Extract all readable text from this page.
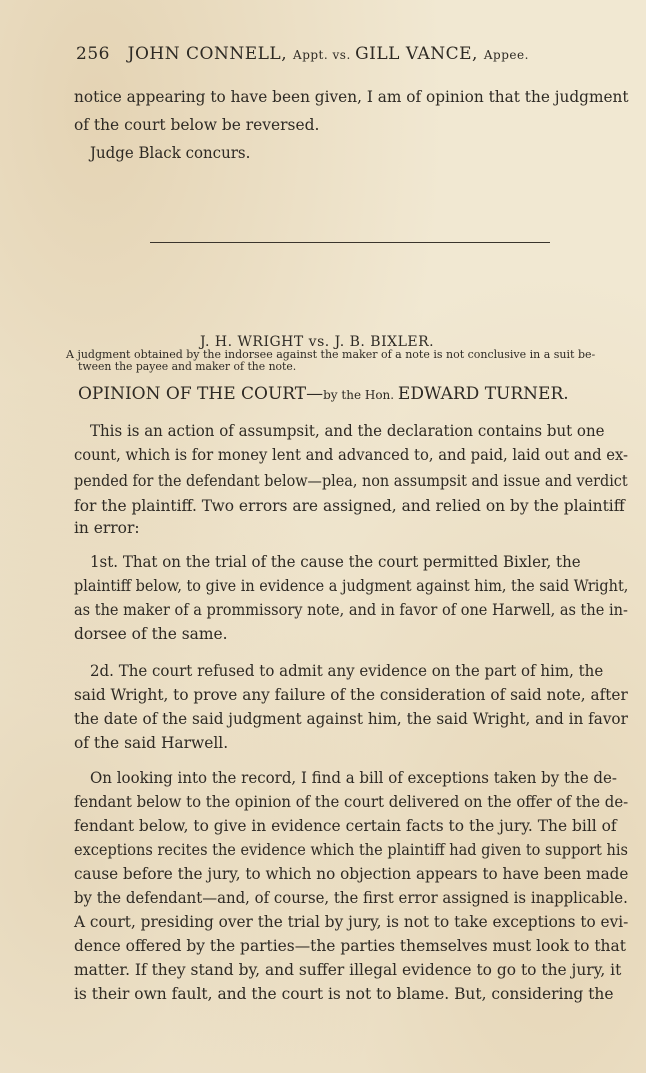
256 JOHN CONNELL, Appt. vs. GILL VANCE, Appee.
notice appearing to have been given, I am of opinion that the judgment
of the court below be reversed.
Judge Black concurs.
J. H. WRIGHT vs. J. B. BIXLER.
A judgment obtained by the indorsee against the maker of a note is not conclusive in a suit be-
tween the payee and maker of the note.
OPINION OF THE COURT—by the Hon. EDWARD TURNER.
This is an action of assumpsit, and the declaration contains but one
count, which is for money lent and advanced to, and paid, laid out and ex-
pended for the defendant below—plea, non assumpsit and issue and verdict
for the plaintiff. Two errors are assigned, and relied on by the plaintiff
in error:
1st. That on the trial of the cause the court permitted Bixler, the
plaintiff below, to give in evidence a judgment against him, the said Wright,
as the maker of a prommissory note, and in favor of one Harwell, as the in-
dorsee of the same.
2d. The court refused to admit any evidence on the part of him, the
said Wright, to prove any failure of the consideration of said note, after
the date of the said judgment against him, the said Wright, and in favor
of the said Harwell.
On looking into the record, I find a bill of exceptions taken by the de-
fendant below to the opinion of the court delivered on the offer of the de-
fendant below, to give in evidence certain facts to the jury. The bill of
exceptions recites the evidence which the plaintiff had given to support his
cause before the jury, to which no objection appears to have been made
by the defendant—and, of course, the first error assigned is inapplicable.
A court, presiding over the trial by jury, is not to take exceptions to evi-
dence offered by the parties—the parties themselves must look to that
matter. If they stand by, and suffer illegal evidence to go to the jury, it
is their own fault, and the court is not to blame. But, considering the
